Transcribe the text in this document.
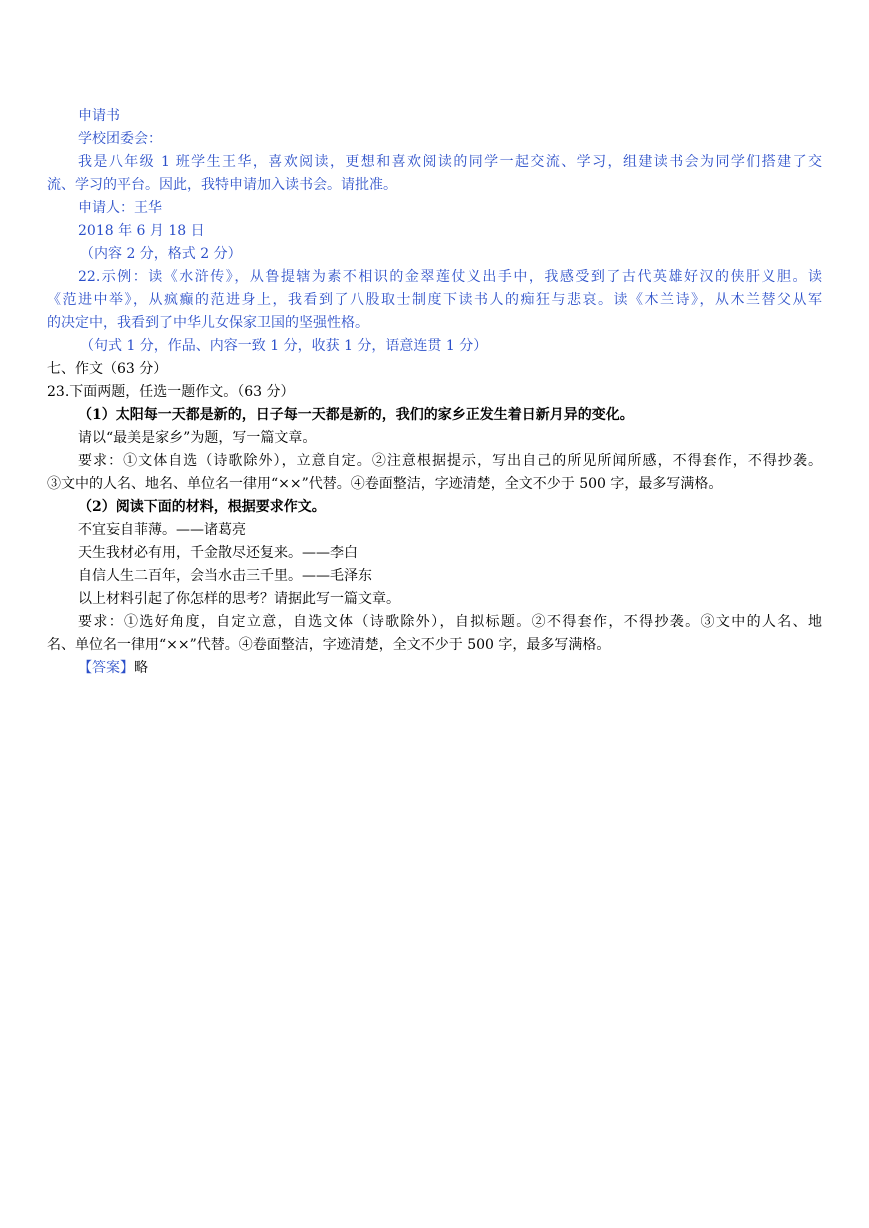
申请书

学校团委会：

我是八年级 1 班学生王华，喜欢阅读，更想和喜欢阅读的同学一起交流、学习，组建读书会为同学们搭建了交

流、学习的平台。因此，我特申请加入读书会。请批准。

申请人：王华

2018 年 6 月 18 日

（内容 2 分，格式 2 分）

22.示例：读《水浒传》，从鲁提辖为素不相识的金翠莲仗义出手中，我感受到了古代英雄好汉的侠肝义胆。读

《范进中举》，从疯癫的范进身上，我看到了八股取士制度下读书人的痴狂与悲哀。读《木兰诗》，从木兰替父从军

的决定中，我看到了中华儿女保家卫国的坚强性格。

（句式 1 分，作品、内容一致 1 分，收获 1 分，语意连贯 1 分）

七、作文（63 分）

23.下面两题，任选一题作文。（63 分）

（1）太阳每一天都是新的，日子每一天都是新的，我们的家乡正发生着日新月异的变化。

请以“最美是家乡”为题，写一篇文章。

要求：①文体自选（诗歌除外），立意自定。②注意根据提示，写出自己的所见所闻所感，不得套作，不得抄袭。

③文中的人名、地名、单位名一律用“××”代替。④卷面整洁，字迹清楚，全文不少于 500 字，最多写满格。

（2）阅读下面的材料，根据要求作文。

不宜妄自菲薄。——诸葛亮

天生我材必有用，千金散尽还复来。——李白

自信人生二百年，会当水击三千里。——毛泽东

以上材料引起了你怎样的思考？请据此写一篇文章。

要求：①选好角度，自定立意，自选文体（诗歌除外），自拟标题。②不得套作，不得抄袭。③文中的人名、地

名、单位名一律用“××”代替。④卷面整洁，字迹清楚，全文不少于 500 字，最多写满格。

【答案】略
